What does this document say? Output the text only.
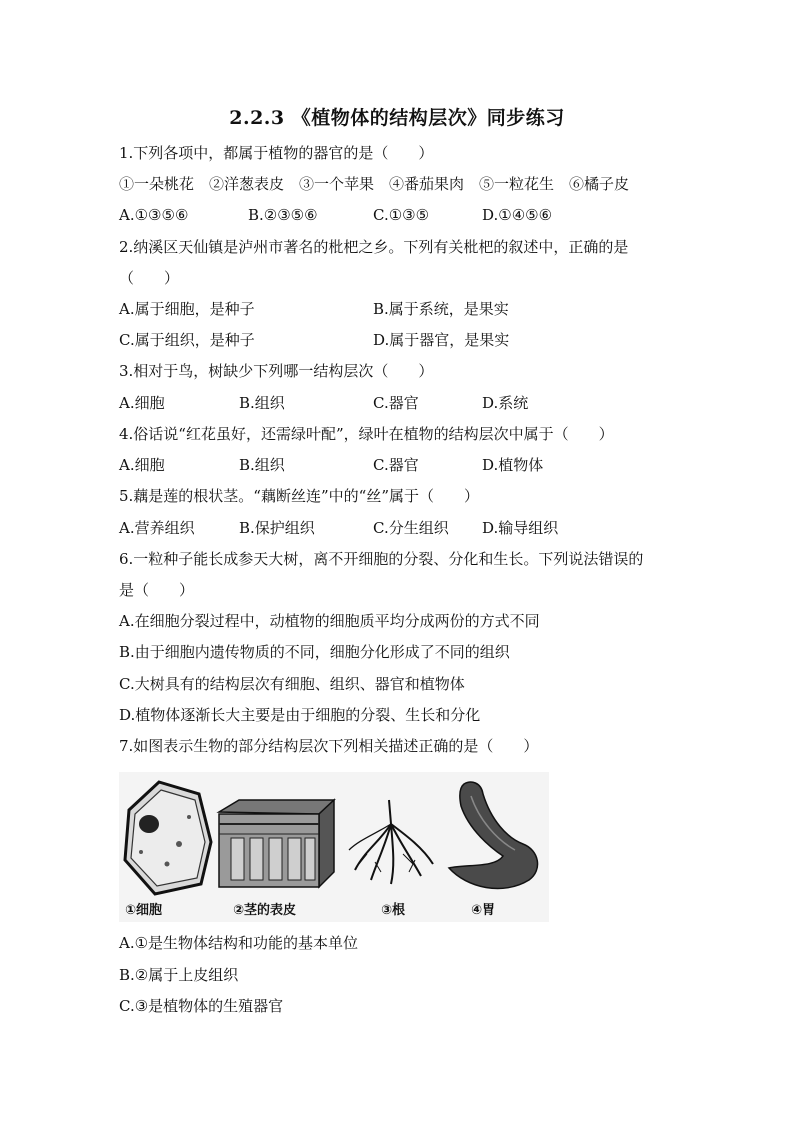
2.2.3 《植物体的结构层次》同步练习
1.下列各项中，都属于植物的器官的是（　　）
①一朵桃花　②洋葱表皮　③一个苹果　④番茄果肉　⑤一粒花生　⑥橘子皮
A.①③⑤⑥	B.②③⑤⑥	C.①③⑤	D.①④⑤⑥
2.纳溪区天仙镇是泸州市著名的枇杷之乡。下列有关枇杷的叙述中，正确的是
（　　）
A.属于细胞，是种子	B.属于系统，是果实
C.属于组织，是种子	D.属于器官，是果实
3.相对于鸟，树缺少下列哪一结构层次（　　）
A.细胞	B.组织	C.器官	D.系统
4.俗话说“红花虽好，还需绿叶配”，绿叶在植物的结构层次中属于（　　）
A.细胞	B.组织	C.器官	D.植物体
5.藕是莲的根状茎。“藕断丝连”中的“丝”属于（　　）
A.营养组织	B.保护组织	C.分生组织 D.输导组织
6.一粒种子能长成参天大树，离不开细胞的分裂、分化和生长。下列说法错误的
是（　　）
A.在细胞分裂过程中，动植物的细胞质平均分成两份的方式不同
B.由于细胞内遗传物质的不同，细胞分化形成了不同的组织
C.大树具有的结构层次有细胞、组织、器官和植物体
D.植物体逐渐长大主要是由于细胞的分裂、生长和分化
7.如图表示生物的部分结构层次下列相关描述正确的是（　　）
①细胞	②茎的表皮	③根	④胃
A.①是生物体结构和功能的基本单位
B.②属于上皮组织
C.③是植物体的生殖器官
